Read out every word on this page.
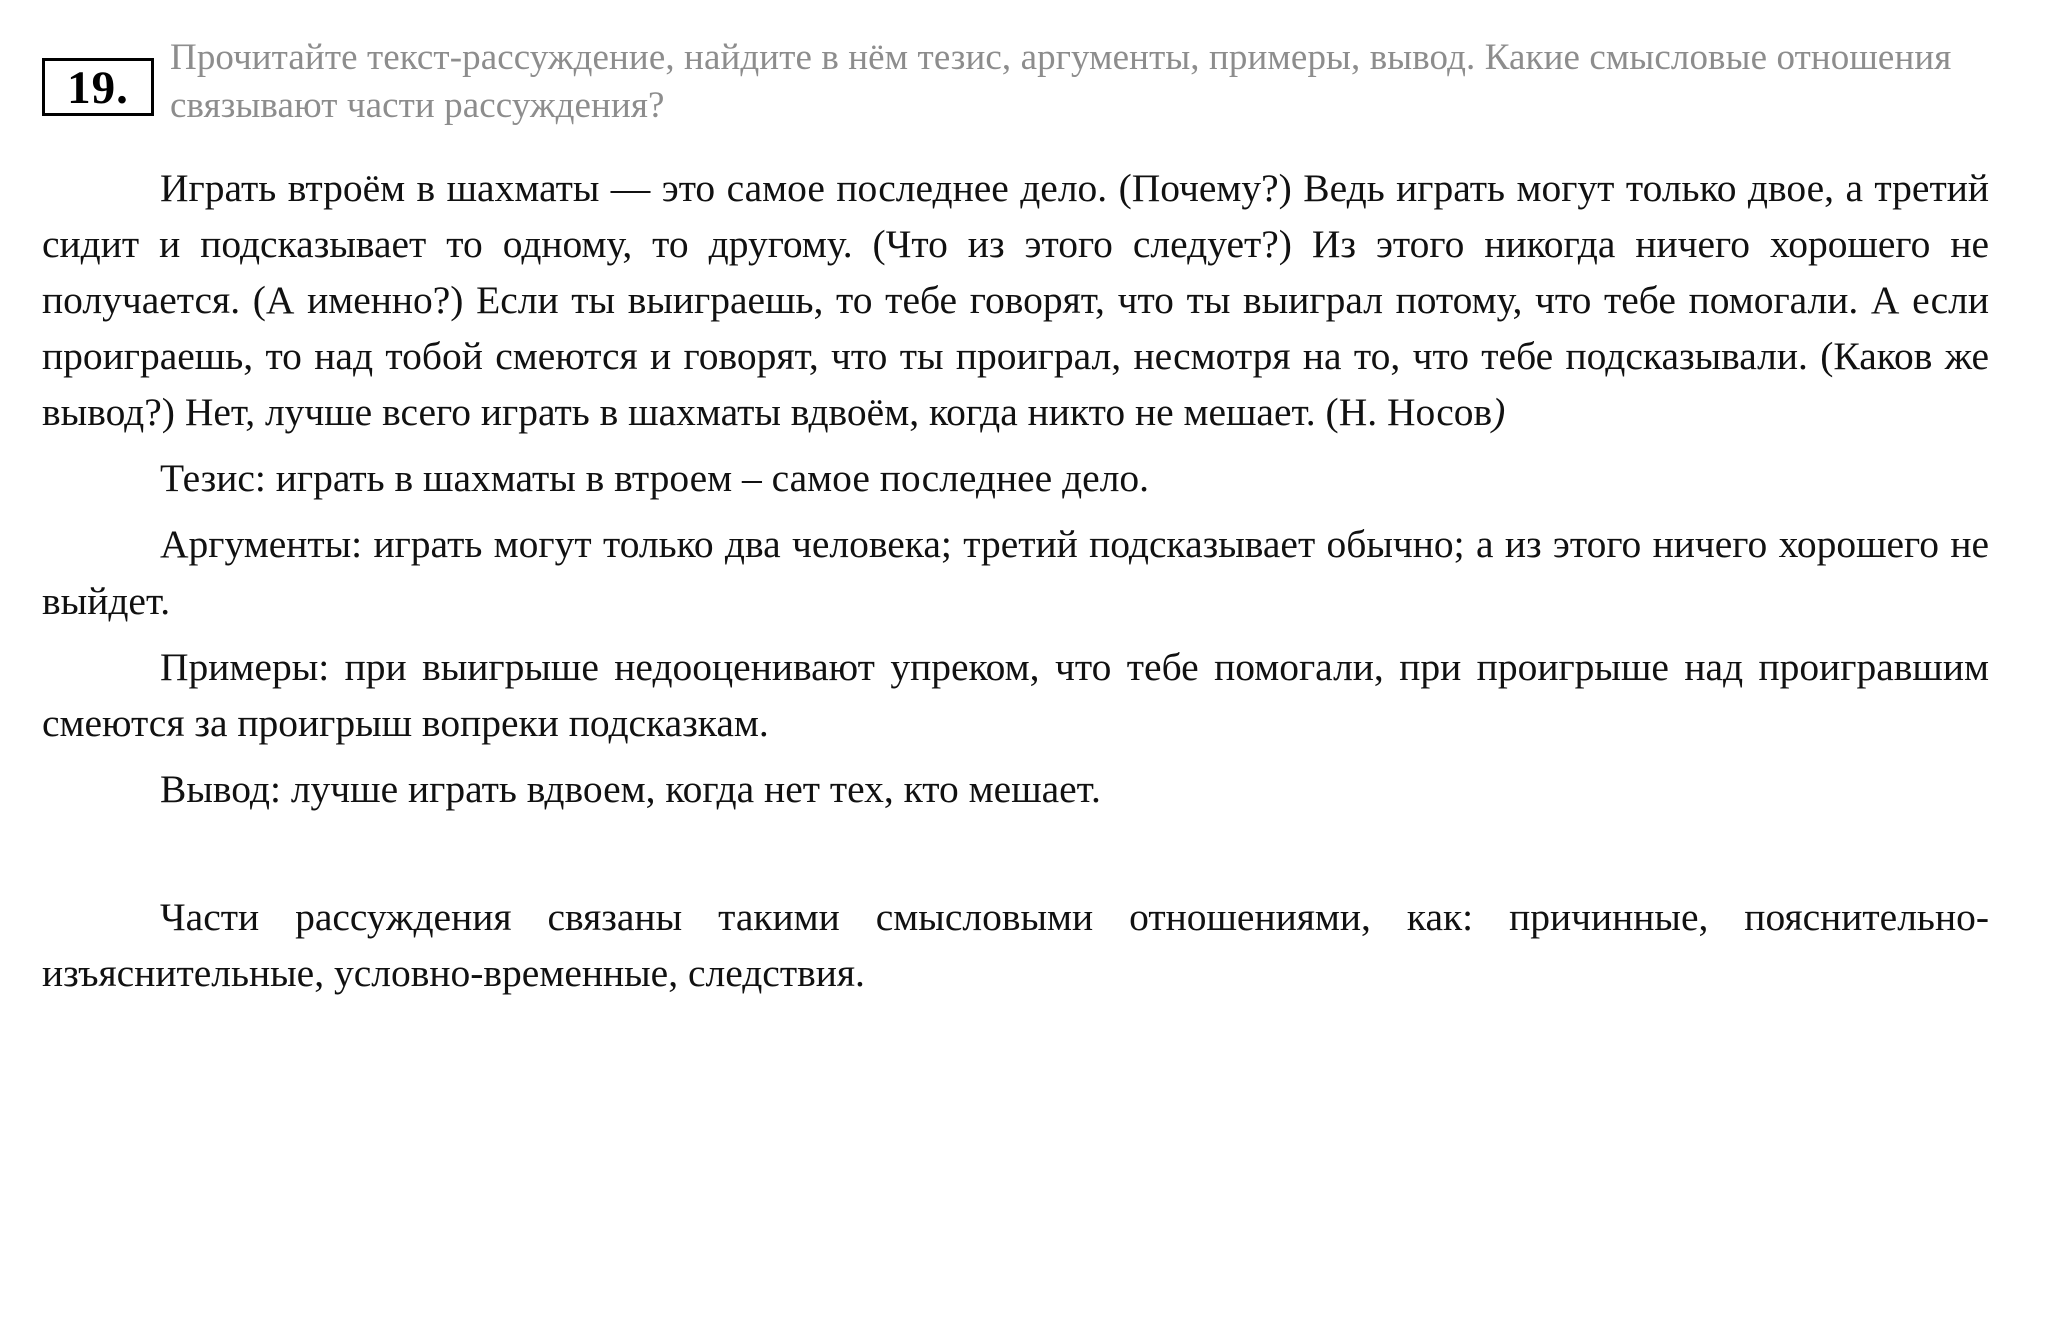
19.
Прочитайте текст-рассуждение, найдите в нём тезис, аргументы, примеры, вывод. Какие смысловые отношения связывают части рассуждения?

Играть втроём в шахматы — это самое последнее дело. (Почему?) Ведь играть могут только двое, а третий сидит и подсказывает то одному, то другому. (Что из этого следует?) Из этого никогда ничего хорошего не получается. (А именно?) Если ты выиграешь, то тебе говорят, что ты выиграл потому, что тебе помогали. А если проиграешь, то над тобой смеются и говорят, что ты проиграл, несмотря на то, что тебе подсказывали. (Каков же вывод?) Нет, лучше всего играть в шахматы вдвоём, когда никто не мешает. (Н. Носов)

Тезис: играть в шахматы в втроем – самое последнее дело.

Аргументы: играть могут только два человека; третий подсказывает обычно; а из этого ничего хорошего не выйдет.

Примеры: при выигрыше недооценивают упреком, что тебе помогали, при проигрыше над проигравшим смеются за проигрыш вопреки подсказкам.

Вывод: лучше играть вдвоем, когда нет тех, кто мешает.

Части рассуждения связаны такими смысловыми отношениями, как: причинные, пояснительно-изъяснительные, условно-временные, следствия.
